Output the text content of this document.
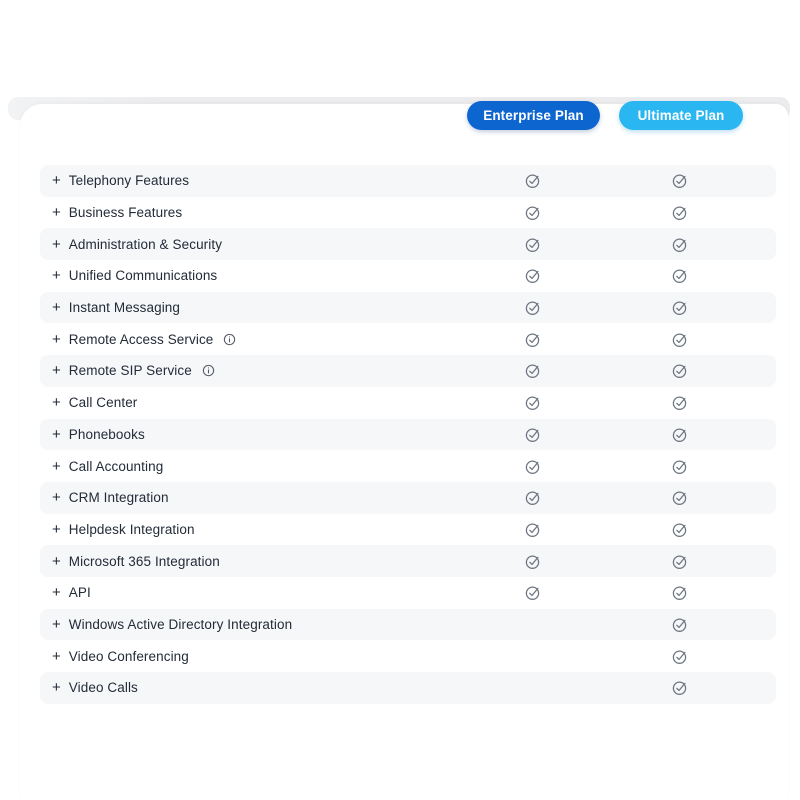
Enterprise Plan	Ultimate Plan
+ Telephony Features
+ Business Features
+ Administration & Security
+ Unified Communications
+ Instant Messaging
+ Remote Access Service
+ Remote SIP Service
+ Call Center
+ Phonebooks
+ Call Accounting
+ CRM Integration
+ Helpdesk Integration
+ Microsoft 365 Integration
+ API
+ Windows Active Directory Integration
+ Video Conferencing
+ Video Calls
